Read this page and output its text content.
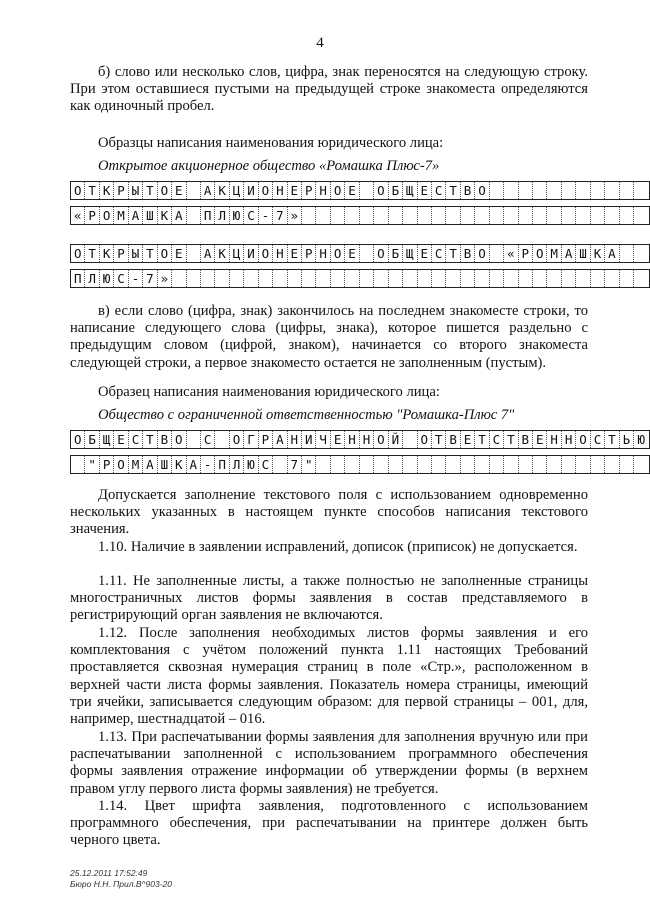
4

б) слово или несколько слов, цифра, знак переносятся на следующую строку. При этом оставшиеся пустыми на предыдущей строке знакоместа определяются как одиночный пробел.

Образцы написания наименования юридического лица:

Открытое акционерное общество «Ромашка Плюс-7»

О Т К Р Ы Т О Е	А К Ц И О Н Е Р Н О Е	О Б Щ Е С Т В О
« Р О М А Ш К А	П Л Ю С - 7 »
О Т К Р Ы Т О Е	А К Ц И О Н Е Р Н О Е	О Б Щ Е С Т В О	« Р О М А Ш К А
П Л Ю С - 7 »

в) если слово (цифра, знак) закончилось на последнем знакоместе строки, то написание следующего слова (цифры, знака), которое пишется раздельно с предыдущим словом (цифрой, знаком), начинается со второго знакоместа следующей строки, а первое знакоместо остается не заполненным (пустым).

Образец написания наименования юридического лица:

Общество с ограниченной ответственностью "Ромашка-Плюс 7"

О Б Щ Е С Т В О	С	О Г Р А Н И Ч Е Н Н О Й	О Т В Е Т С Т В Е Н Н О С Т Ь Ю
" Р О М А Ш К А - П Л Ю С	7 "

Допускается заполнение текстового поля с использованием одновременно нескольких указанных в настоящем пункте способов написания текстового значения.

1.10. Наличие в заявлении исправлений, дописок (приписок) не допускается.

1.11. Не заполненные листы, а также полностью не заполненные страницы многостраничных листов формы заявления в состав представляемого в регистрирующий орган заявления не включаются.

1.12. После заполнения необходимых листов формы заявления и его комплектования с учётом положений пункта 1.11 настоящих Требований проставляется сквозная нумерация страниц в поле «Стр.», расположенном в верхней части листа формы заявления. Показатель номера страницы, имеющий три ячейки, записывается следующим образом: для первой страницы – 001, для, например, шестнадцатой – 016.

1.13. При распечатывании формы заявления для заполнения вручную или при распечатывании заполненной с использованием программного обеспечения формы заявления отражение информации об утверждении формы (в верхнем правом углу первого листа формы заявления) не требуется.

1.14. Цвет шрифта заявления, подготовленного с использованием программного обеспечения, при распечатывании на принтере должен быть черного цвета.

25.12.2011 17:52:49
Бюро Н.Н. Прил.В^903-20
